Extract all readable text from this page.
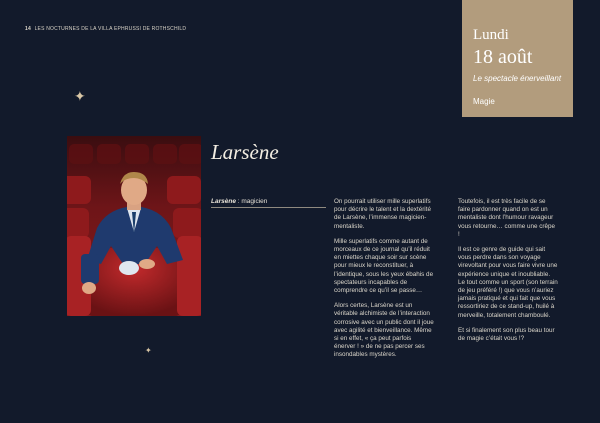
14 LES NOCTURNES DE LA VILLA EPHRUSSI DE ROTHSCHILD	Lundi
18 août
Le spectacle énerveillant
Magie
✦
✦
Larsène
Larsène : magicien	On pourrait utiliser mille superlatifs pour décrire le talent et la dextérité de Larsène, l’immense magicien-mentaliste.

Mille superlatifs comme autant de morceaux de ce journal qu’il réduit en miettes chaque soir sur scène pour mieux le reconstituer, à l’identique, sous les yeux ébahis de spectateurs incapables de comprendre ce qu’il se passe…

Alors certes, Larsène est un véritable alchimiste de l’interaction corrosive avec un public dont il joue avec agilité et bienveillance. Même si en effet, « ça peut parfois énerver ! » de ne pas percer ses insondables mystères.

Toutefois, il est très facile de se faire pardonner quand on est un mentaliste dont l’humour ravageur vous retourne… comme une crêpe !

Il est ce genre de guide qui sait vous perdre dans son voyage virevoltant pour vous faire vivre une expérience unique et inoubliable. Le tout comme un sport (son terrain de jeu préféré !) que vous n’auriez jamais pratiqué et qui fait que vous ressortiriez de ce stand-up, huilé à merveille, totalement chamboulé.

Et si finalement son plus beau tour de magie c’était vous !?
